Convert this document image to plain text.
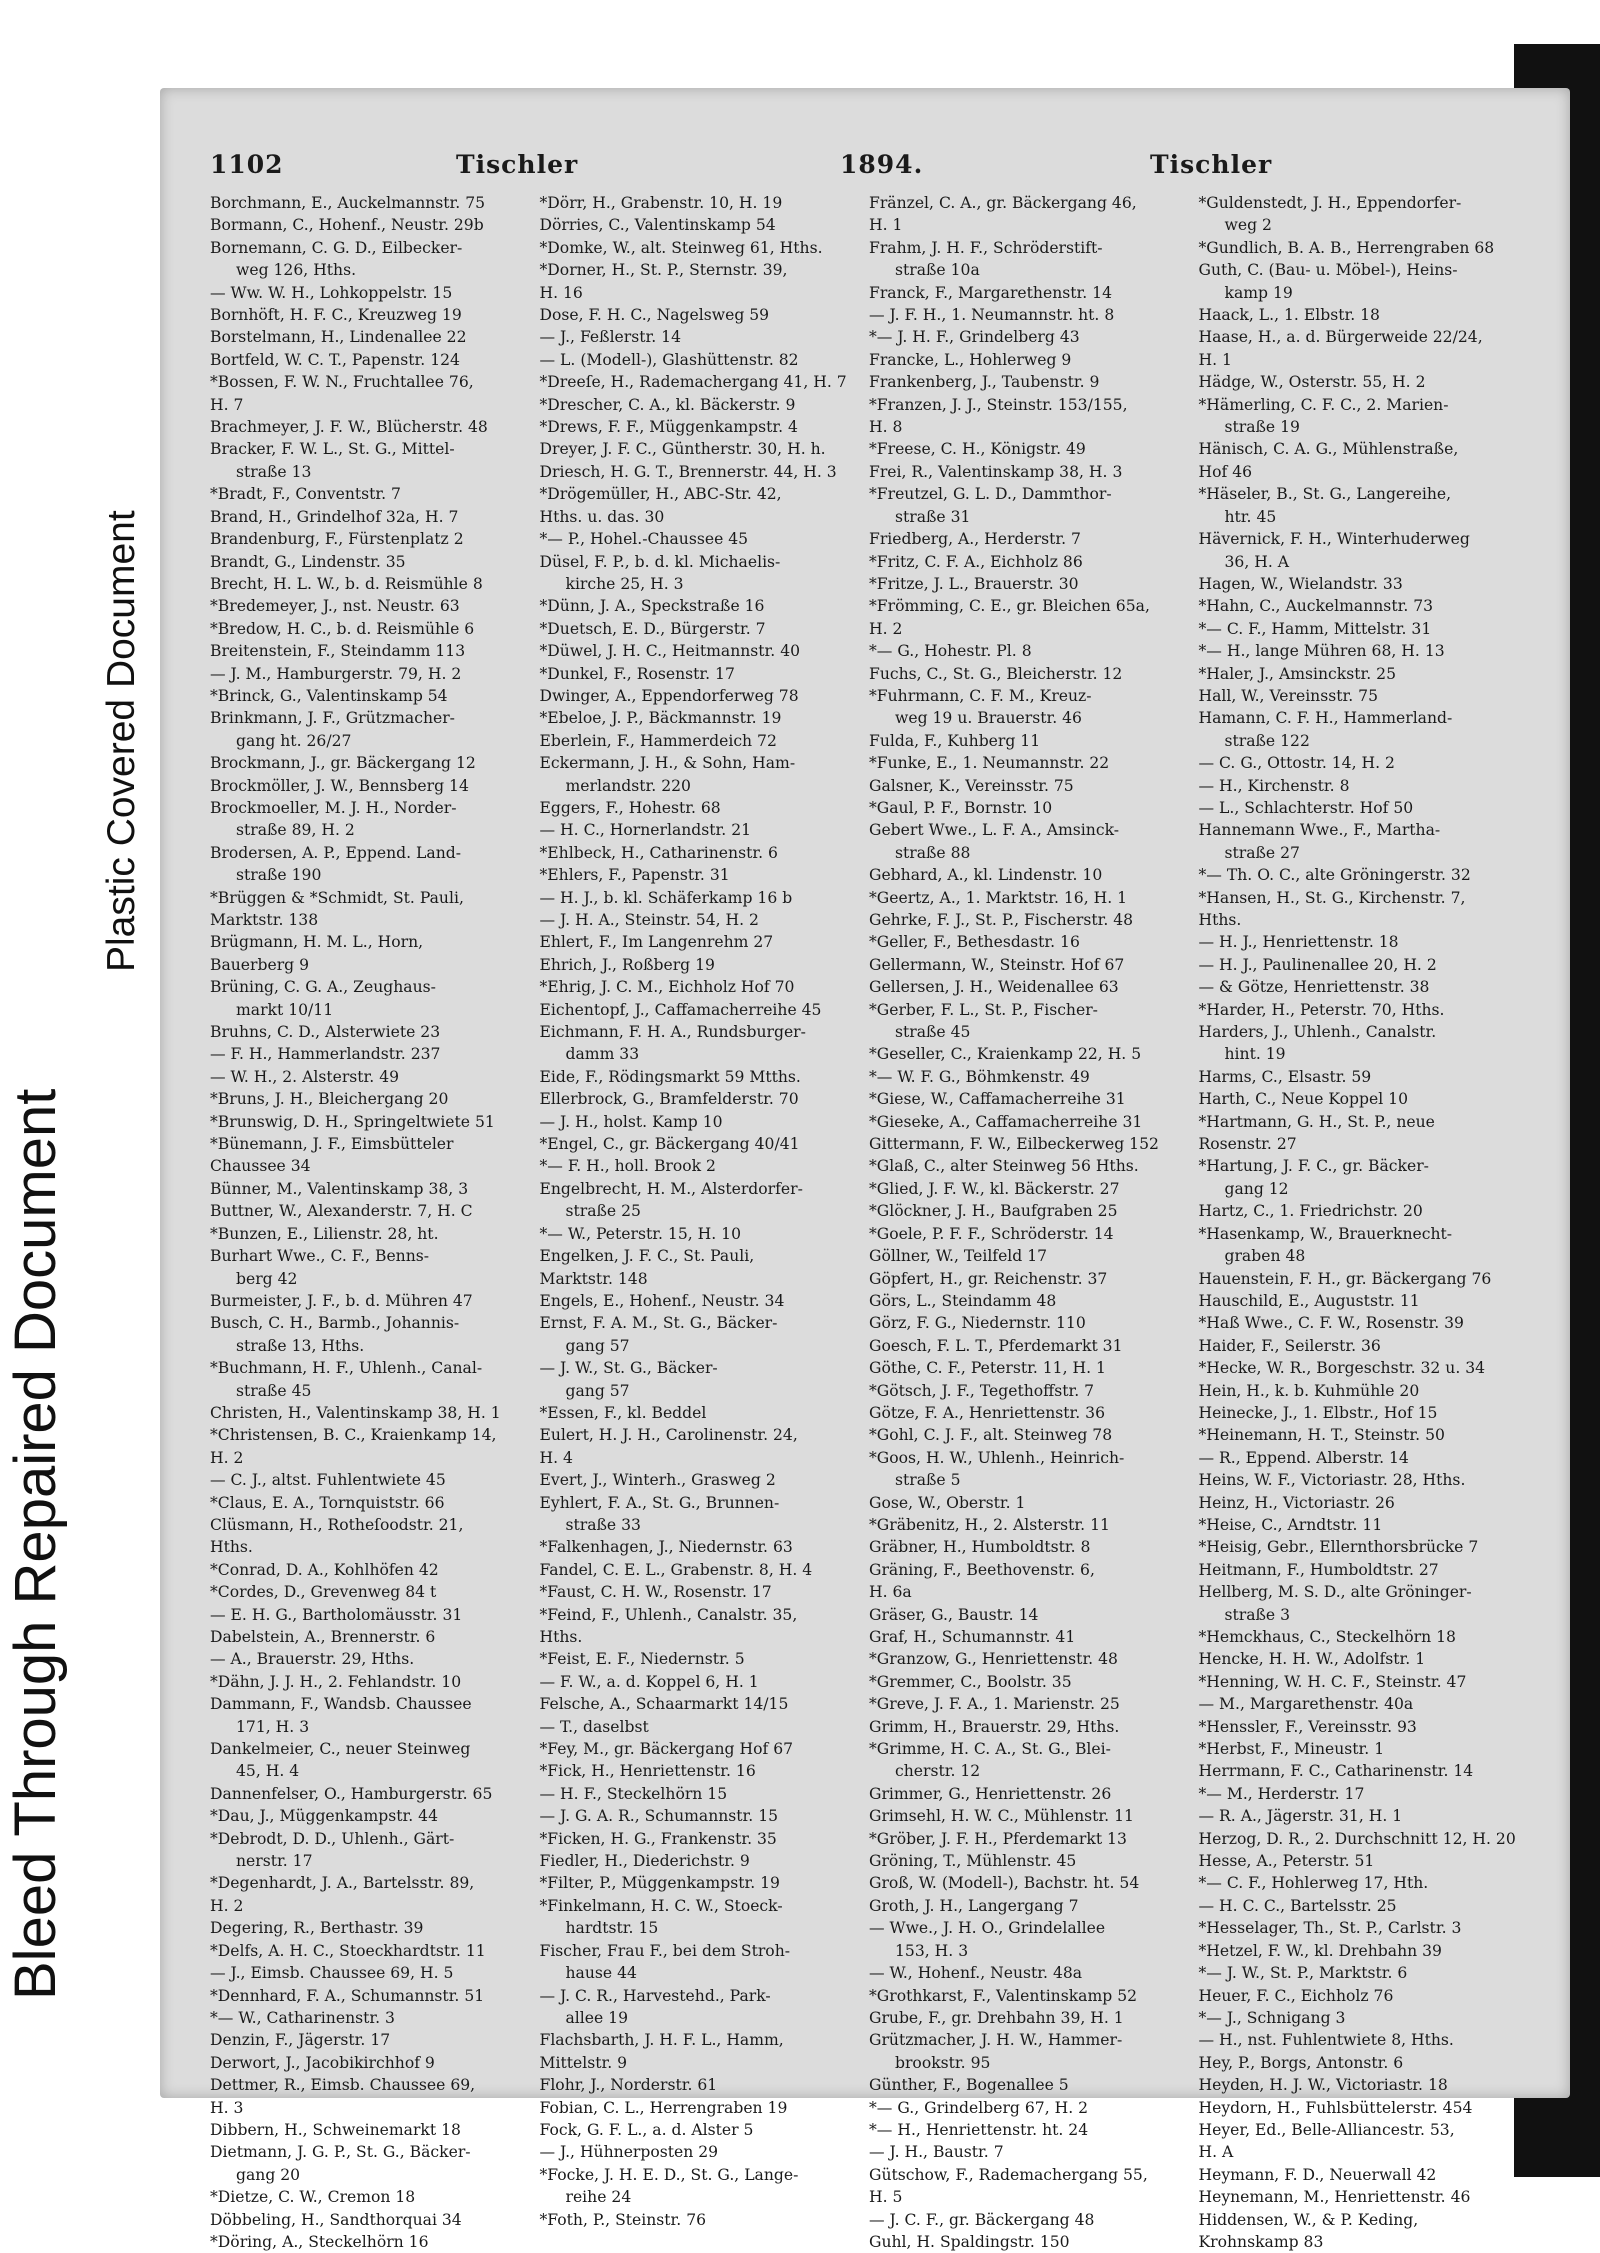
Bleed Through Repaired Document
Plastic Covered Document
1102	Tischler	1894.	Tischler
Borchmann, E., Auckelmannstr. 75
Bormann, C., Hohenf., Neustr. 29b
Bornemann, C. G. D., Eilbecker-
weg 126, Hths.
— Ww. W. H., Lohkoppelstr. 15
Bornhöft, H. F. C., Kreuzweg 19
Borstelmann, H., Lindenallee 22
Bortfeld, W. C. T., Papenstr. 124
*Bossen, F. W. N., Fruchtallee 76,
H. 7
Brachmeyer, J. F. W., Blücherstr. 48
Bracker, F. W. L., St. G., Mittel-
straße 13
*Bradt, F., Conventstr. 7
Brand, H., Grindelhof 32a, H. 7
Brandenburg, F., Fürstenplatz 2
Brandt, G., Lindenstr. 35
Brecht, H. L. W., b. d. Reismühle 8
*Bredemeyer, J., nst. Neustr. 63
*Bredow, H. C., b. d. Reismühle 6
Breitenstein, F., Steindamm 113
— J. M., Hamburgerstr. 79, H. 2
*Brinck, G., Valentinskamp 54
Brinkmann, J. F., Grützmacher-
gang ht. 26/27
Brockmann, J., gr. Bäckergang 12
Brockmöller, J. W., Bennsberg 14
Brockmoeller, M. J. H., Norder-
straße 89, H. 2
Brodersen, A. P., Eppend. Land-
straße 190
*Brüggen & *Schmidt, St. Pauli,
Marktstr. 138
Brügmann, H. M. L., Horn,
Bauerberg 9
Brüning, C. G. A., Zeughaus-
markt 10/11
Bruhns, C. D., Alsterwiete 23
— F. H., Hammerlandstr. 237
— W. H., 2. Alsterstr. 49
*Bruns, J. H., Bleichergang 20
*Brunswig, D. H., Springeltwiete 51
*Bünemann, J. F., Eimsbütteler
Chaussee 34
Bünner, M., Valentinskamp 38, 3
Buttner, W., Alexanderstr. 7, H. C
*Bunzen, E., Lilienstr. 28, ht.
Burhart Wwe., C. F., Benns-
berg 42
Burmeister, J. F., b. d. Mühren 47
Busch, C. H., Barmb., Johannis-
straße 13, Hths.
*Buchmann, H. F., Uhlenh., Canal-
straße 45
Christen, H., Valentinskamp 38, H. 1
*Christensen, B. C., Kraienkamp 14,
H. 2
— C. J., altst. Fuhlentwiete 45
*Claus, E. A., Tornquiststr. 66
Clüsmann, H., Rotheſoodstr. 21,
Hths.
*Conrad, D. A., Kohlhöfen 42
*Cordes, D., Grevenweg 84 t
— E. H. G., Bartholomäusstr. 31
Dabelstein, A., Brennerstr. 6
— A., Brauerstr. 29, Hths.
*Dähn, J. J. H., 2. Fehlandstr. 10
Dammann, F., Wandsb. Chaussee
171, H. 3
Dankelmeier, C., neuer Steinweg
45, H. 4
Dannenfelser, O., Hamburgerstr. 65
*Dau, J., Müggenkampstr. 44
*Debrodt, D. D., Uhlenh., Gärt-
nerstr. 17
*Degenhardt, J. A., Bartelsstr. 89,
H. 2
Degering, R., Berthastr. 39
*Delfs, A. H. C., Stoeckhardtstr. 11
— J., Eimsb. Chaussee 69, H. 5
*Dennhard, F. A., Schumannstr. 51
*— W., Catharinenstr. 3
Denzin, F., Jägerstr. 17
Derwort, J., Jacobikirchhof 9
Dettmer, R., Eimsb. Chaussee 69,
H. 3
Dibbern, H., Schweinemarkt 18
Dietmann, J. G. P., St. G., Bäcker-
gang 20
*Dietze, C. W., Cremon 18
Döbbeling, H., Sandthorquai 34
*Döring, A., Steckelhörn 16
*Dörr, H., Grabenstr. 10, H. 19
Dörries, C., Valentinskamp 54
*Domke, W., alt. Steinweg 61, Hths.
*Dorner, H., St. P., Sternstr. 39,
H. 16
Dose, F. H. C., Nagelsweg 59
— J., Feßlerstr. 14
— L. (Modell-), Glashüttenstr. 82
*Dreeſe, H., Rademachergang 41, H. 7
*Drescher, C. A., kl. Bäckerstr. 9
*Drews, F. F., Müggenkampstr. 4
Dreyer, J. F. C., Güntherstr. 30, H. h.
Driesch, H. G. T., Brennerstr. 44, H. 3
*Drögemüller, H., ABC-Str. 42,
Hths. u. das. 30
*— P., Hohel.-Chaussee 45
Düsel, F. P., b. d. kl. Michaelis-
kirche 25, H. 3
*Dünn, J. A., Speckstraße 16
*Duetsch, E. D., Bürgerstr. 7
*Düwel, J. H. C., Heitmannstr. 40
*Dunkel, F., Rosenstr. 17
Dwinger, A., Eppendorferweg 78
*Ebeloe, J. P., Bäckmannstr. 19
Eberlein, F., Hammerdeich 72
Eckermann, J. H., & Sohn, Ham-
merlandstr. 220
Eggers, F., Hohestr. 68
— H. C., Hornerlandstr. 21
*Ehlbeck, H., Catharinenstr. 6
*Ehlers, F., Papenstr. 31
— H. J., b. kl. Schäferkamp 16 b
— J. H. A., Steinstr. 54, H. 2
Ehlert, F., Im Langenrehm 27
Ehrich, J., Roßberg 19
*Ehrig, J. C. M., Eichholz Hof 70
Eichentopf, J., Caffamacherreihe 45
Eichmann, F. H. A., Rundsburger-
damm 33
Eide, F., Rödingsmarkt 59 Mtths.
Ellerbrock, G., Bramfelderstr. 70
— J. H., holst. Kamp 10
*Engel, C., gr. Bäckergang 40/41
*— F. H., holl. Brook 2
Engelbrecht, H. M., Alsterdorfer-
straße 25
*— W., Peterstr. 15, H. 10
Engelken, J. F. C., St. Pauli,
Marktstr. 148
Engels, E., Hohenf., Neustr. 34
Ernst, F. A. M., St. G., Bäcker-
gang 57
— J. W., St. G., Bäcker-
gang 57
*Essen, F., kl. Beddel
Eulert, H. J. H., Carolinenstr. 24,
H. 4
Evert, J., Winterh., Grasweg 2
Eyhlert, F. A., St. G., Brunnen-
straße 33
*Falkenhagen, J., Niedernstr. 63
Fandel, C. E. L., Grabenstr. 8, H. 4
*Faust, C. H. W., Rosenstr. 17
*Feind, F., Uhlenh., Canalstr. 35,
Hths.
*Feist, E. F., Niedernstr. 5
— F. W., a. d. Koppel 6, H. 1
Felsche, A., Schaarmarkt 14/15
— T., daselbst
*Fey, M., gr. Bäckergang Hof 67
*Fick, H., Henriettenstr. 16
— H. F., Steckelhörn 15
— J. G. A. R., Schumannstr. 15
*Ficken, H. G., Frankenstr. 35
Fiedler, H., Diederichstr. 9
*Filter, P., Müggenkampstr. 19
*Finkelmann, H. C. W., Stoeck-
hardtstr. 15
Fischer, Frau F., bei dem Stroh-
hause 44
— J. C. R., Harvestehd., Park-
allee 19
Flachsbarth, J. H. F. L., Hamm,
Mittelstr. 9
Flohr, J., Norderstr. 61
Fobian, C. L., Herrengraben 19
Fock, G. F. L., a. d. Alster 5
— J., Hühnerposten 29
*Focke, J. H. E. D., St. G., Lange-
reihe 24
*Foth, P., Steinstr. 76
Fränzel, C. A., gr. Bäckergang 46,
H. 1
Frahm, J. H. F., Schröderstift-
straße 10a
Franck, F., Margarethenstr. 14
— J. F. H., 1. Neumannstr. ht. 8
*— J. H. F., Grindelberg 43
Francke, L., Hohlerweg 9
Frankenberg, J., Taubenstr. 9
*Franzen, J. J., Steinstr. 153/155,
H. 8
*Freese, C. H., Königstr. 49
Frei, R., Valentinskamp 38, H. 3
*Freutzel, G. L. D., Dammthor-
straße 31
Friedberg, A., Herderstr. 7
*Fritz, C. F. A., Eichholz 86
*Fritze, J. L., Brauerstr. 30
*Frömming, C. E., gr. Bleichen 65a,
H. 2
*— G., Hohestr. Pl. 8
Fuchs, C., St. G., Bleicherstr. 12
*Fuhrmann, C. F. M., Kreuz-
weg 19 u. Brauerstr. 46
Fulda, F., Kuhberg 11
*Funke, E., 1. Neumannstr. 22
Galsner, K., Vereinsstr. 75
*Gaul, P. F., Bornstr. 10
Gebert Wwe., L. F. A., Amsinck-
straße 88
Gebhard, A., kl. Lindenstr. 10
*Geertz, A., 1. Marktstr. 16, H. 1
Gehrke, F. J., St. P., Fischerstr. 48
*Geller, F., Bethesdastr. 16
Gellermann, W., Steinstr. Hof 67
Gellersen, J. H., Weidenallee 63
*Gerber, F. L., St. P., Fischer-
straße 45
*Geseller, C., Kraienkamp 22, H. 5
*— W. F. G., Böhmkenstr. 49
*Giese, W., Caffamacherreihe 31
*Gieseke, A., Caffamacherreihe 31
Gittermann, F. W., Eilbeckerweg 152
*Glaß, C., alter Steinweg 56 Hths.
*Glied, J. F. W., kl. Bäckerstr. 27
*Glöckner, J. H., Baufgraben 25
*Goele, P. F. F., Schröderstr. 14
Göllner, W., Teilfeld 17
Göpfert, H., gr. Reichenstr. 37
Görs, L., Steindamm 48
Görz, F. G., Niedernstr. 110
Goesch, F. L. T., Pferdemarkt 31
Göthe, C. F., Peterstr. 11, H. 1
*Götsch, J. F., Tegethoffstr. 7
Götze, F. A., Henriettenstr. 36
*Gohl, C. J. F., alt. Steinweg 78
*Goos, H. W., Uhlenh., Heinrich-
straße 5
Gose, W., Oberstr. 1
*Gräbenitz, H., 2. Alsterstr. 11
Gräbner, H., Humboldtstr. 8
Gräning, F., Beethovenstr. 6,
H. 6a
Gräser, G., Baustr. 14
Graf, H., Schumannstr. 41
*Granzow, G., Henriettenstr. 48
*Gremmer, C., Boolstr. 35
*Greve, J. F. A., 1. Marienstr. 25
Grimm, H., Brauerstr. 29, Hths.
*Grimme, H. C. A., St. G., Blei-
cherstr. 12
Grimmer, G., Henriettenstr. 26
Grimsehl, H. W. C., Mühlenstr. 11
*Gröber, J. F. H., Pferdemarkt 13
Gröning, T., Mühlenstr. 45
Groß, W. (Modell-), Bachstr. ht. 54
Groth, J. H., Langergang 7
— Wwe., J. H. O., Grindelallee
153, H. 3
— W., Hohenf., Neustr. 48a
*Grothkarst, F., Valentinskamp 52
Grube, F., gr. Drehbahn 39, H. 1
Grützmacher, J. H. W., Hammer-
brookstr. 95
Günther, F., Bogenallee 5
*— G., Grindelberg 67, H. 2
*— H., Henriettenstr. ht. 24
— J. H., Baustr. 7
Gütschow, F., Rademachergang 55,
H. 5
— J. C. F., gr. Bäckergang 48
Guhl, H. Spaldingstr. 150
*Guldenstedt, J. H., Eppendorfer-
weg 2
*Gundlich, B. A. B., Herrengraben 68
Guth, C. (Bau- u. Möbel-), Heins-
kamp 19
Haack, L., 1. Elbstr. 18
Haase, H., a. d. Bürgerweide 22/24,
H. 1
Hädge, W., Osterstr. 55, H. 2
*Hämerling, C. F. C., 2. Marien-
straße 19
Hänisch, C. A. G., Mühlenstraße,
Hof 46
*Häseler, B., St. G., Langereihe,
htr. 45
Hävernick, F. H., Winterhuderweg
36, H. A
Hagen, W., Wielandstr. 33
*Hahn, C., Auckelmannstr. 73
*— C. F., Hamm, Mittelstr. 31
*— H., lange Mühren 68, H. 13
*Haler, J., Amsinckstr. 25
Hall, W., Vereinsstr. 75
Hamann, C. F. H., Hammerland-
straße 122
— C. G., Ottostr. 14, H. 2
— H., Kirchenstr. 8
— L., Schlachterstr. Hof 50
Hannemann Wwe., F., Martha-
straße 27
*— Th. O. C., alte Gröningerstr. 32
*Hansen, H., St. G., Kirchenstr. 7,
Hths.
— H. J., Henriettenstr. 18
— H. J., Paulinenallee 20, H. 2
— & Götze, Henriettenstr. 38
*Harder, H., Peterstr. 70, Hths.
Harders, J., Uhlenh., Canalstr.
hint. 19
Harms, C., Elsastr. 59
Harth, C., Neue Koppel 10
*Hartmann, G. H., St. P., neue
Rosenstr. 27
*Hartung, J. F. C., gr. Bäcker-
gang 12
Hartz, C., 1. Friedrichstr. 20
*Hasenkamp, W., Brauerknecht-
graben 48
Hauenstein, F. H., gr. Bäckergang 76
Hauschild, E., Auguststr. 11
*Haß Wwe., C. F. W., Rosenstr. 39
Haider, F., Seilerstr. 36
*Hecke, W. R., Borgeschstr. 32 u. 34
Hein, H., k. b. Kuhmühle 20
Heinecke, J., 1. Elbstr., Hof 15
*Heinemann, H. T., Steinstr. 50
— R., Eppend. Alberstr. 14
Heins, W. F., Victoriastr. 28, Hths.
Heinz, H., Victoriastr. 26
*Heise, C., Arndtstr. 11
*Heisig, Gebr., Ellernthorsbrücke 7
Heitmann, F., Humboldtstr. 27
Hellberg, M. S. D., alte Gröninger-
straße 3
*Hemckhaus, C., Steckelhörn 18
Hencke, H. H. W., Adolfstr. 1
*Henning, W. H. C. F., Steinstr. 47
— M., Margarethenstr. 40a
*Henssler, F., Vereinsstr. 93
*Herbst, F., Mineustr. 1
Herrmann, F. C., Catharinenstr. 14
*— M., Herderstr. 17
— R. A., Jägerstr. 31, H. 1
Herzog, D. R., 2. Durchschnitt 12, H. 20
Hesse, A., Peterstr. 51
*— C. F., Hohlerweg 17, Hth.
— H. C. C., Bartelsstr. 25
*Hesselager, Th., St. P., Carlstr. 3
*Hetzel, F. W., kl. Drehbahn 39
*— J. W., St. P., Marktstr. 6
Heuer, F. C., Eichholz 76
*— J., Schnigang 3
— H., nst. Fuhlentwiete 8, Hths.
Hey, P., Borgs, Antonstr. 6
Heyden, H. J. W., Victoriastr. 18
Heydorn, H., Fuhlsbüttelerstr. 454
Heyer, Ed., Belle-Alliancestr. 53,
H. A
Heymann, F. D., Neuerwall 42
Heynemann, M., Henriettenstr. 46
Hiddensen, W., & P. Keding,
Krohnskamp 83
